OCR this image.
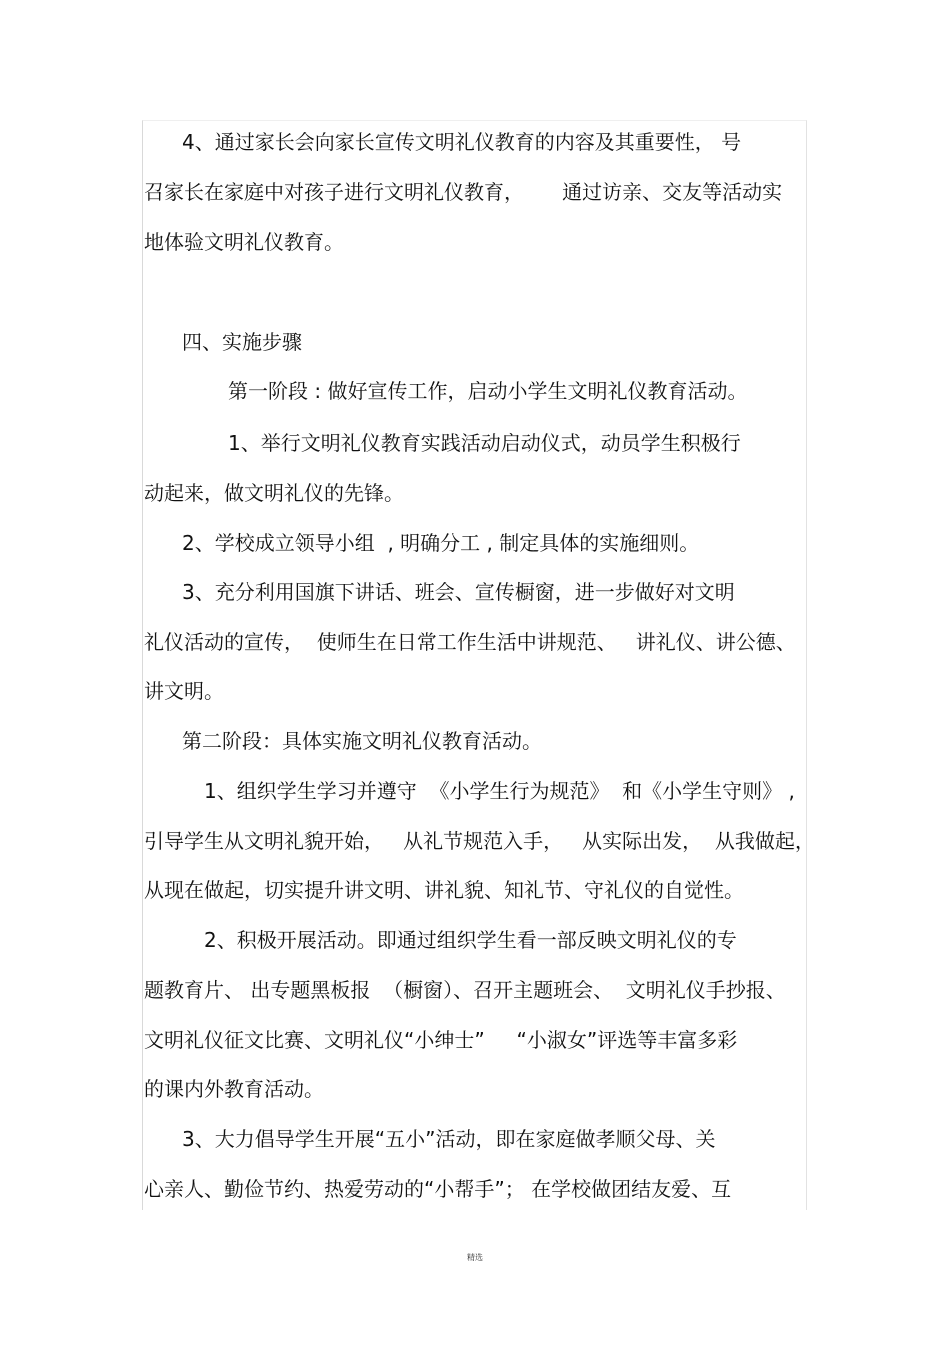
4、通过家长会向家长宣传文明礼仪教育的内容及其重要性， 号
召家长在家庭中对孩子进行文明礼仪教育，      通过访亲、交友等活动实
地体验文明礼仪教育。
四、实施步骤
第一阶段 : 做好宣传工作，启动小学生文明礼仪教育活动。
1、举行文明礼仪教育实践活动启动仪式，动员学生积极行
动起来，做文明礼仪的先锋。
2、学校成立领导小组  , 明确分工 , 制定具体的实施细则。
3、充分利用国旗下讲话、班会、宣传橱窗，进一步做好对文明
礼仪活动的宣传，  使师生在日常工作生活中讲规范、   讲礼仪、讲公德、
讲文明。
第二阶段：具体实施文明礼仪教育活动。
1、组织学生学习并遵守  《小学生行为规范》  和《小学生守则》 ,
引导学生从文明礼貌开始，   从礼节规范入手，   从实际出发，  从我做起，
从现在做起，切实提升讲文明、讲礼貌、知礼节、守礼仪的自觉性。
2、积极开展活动。即通过组织学生看一部反映文明礼仪的专
题教育片、 出专题黑板报  （橱窗）、召开主题班会、  文明礼仪手抄报、
文明礼仪征文比赛、文明礼仪“小绅士”     “小淑女”评选等丰富多彩
的课内外教育活动。
3、大力倡导学生开展“五小”活动，即在家庭做孝顺父母、关
心亲人、勤俭节约、热爱劳动的“小帮手”； 在学校做团结友爱、互
精选
